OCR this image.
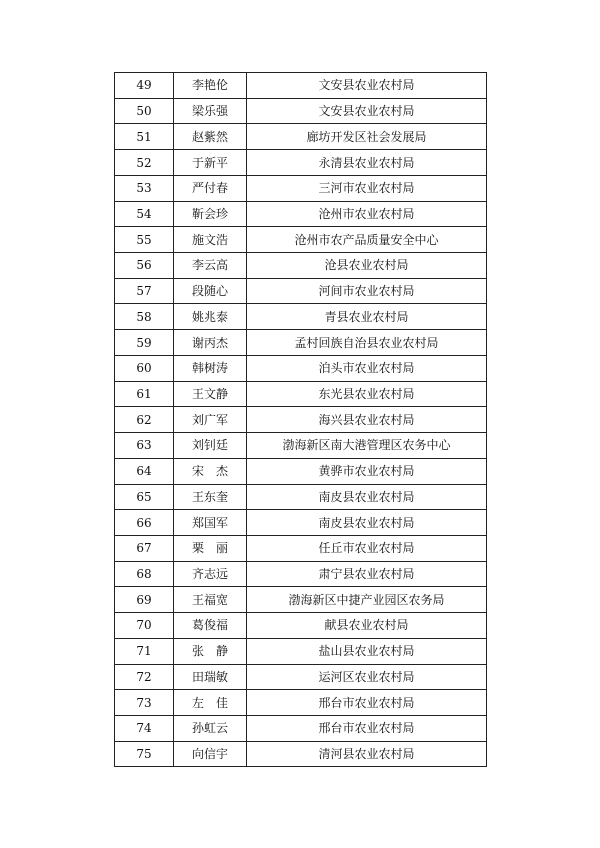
49	李艳伦	文安县农业农村局
50	梁乐强	文安县农业农村局
51	赵紫然	廊坊开发区社会发展局
52	于新平	永清县农业农村局
53	严付春	三河市农业农村局
54	靳会珍	沧州市农业农村局
55	施文浩	沧州市农产品质量安全中心
56	李云高	沧县农业农村局
57	段随心	河间市农业农村局
58	姚兆泰	青县农业农村局
59	谢丙杰	孟村回族自治县农业农村局
60	韩树涛	泊头市农业农村局
61	王文静	东光县农业农村局
62	刘广军	海兴县农业农村局
63	刘钊廷	渤海新区南大港管理区农务中心
64	宋　杰	黄骅市农业农村局
65	王东奎	南皮县农业农村局
66	郑国军	南皮县农业农村局
67	栗　丽	任丘市农业农村局
68	齐志远	肃宁县农业农村局
69	王福宽	渤海新区中捷产业园区农务局
70	葛俊福	献县农业农村局
71	张　静	盐山县农业农村局
72	田瑞敏	运河区农业农村局
73	左　佳	邢台市农业农村局
74	孙虹云	邢台市农业农村局
75	向信宇	清河县农业农村局
